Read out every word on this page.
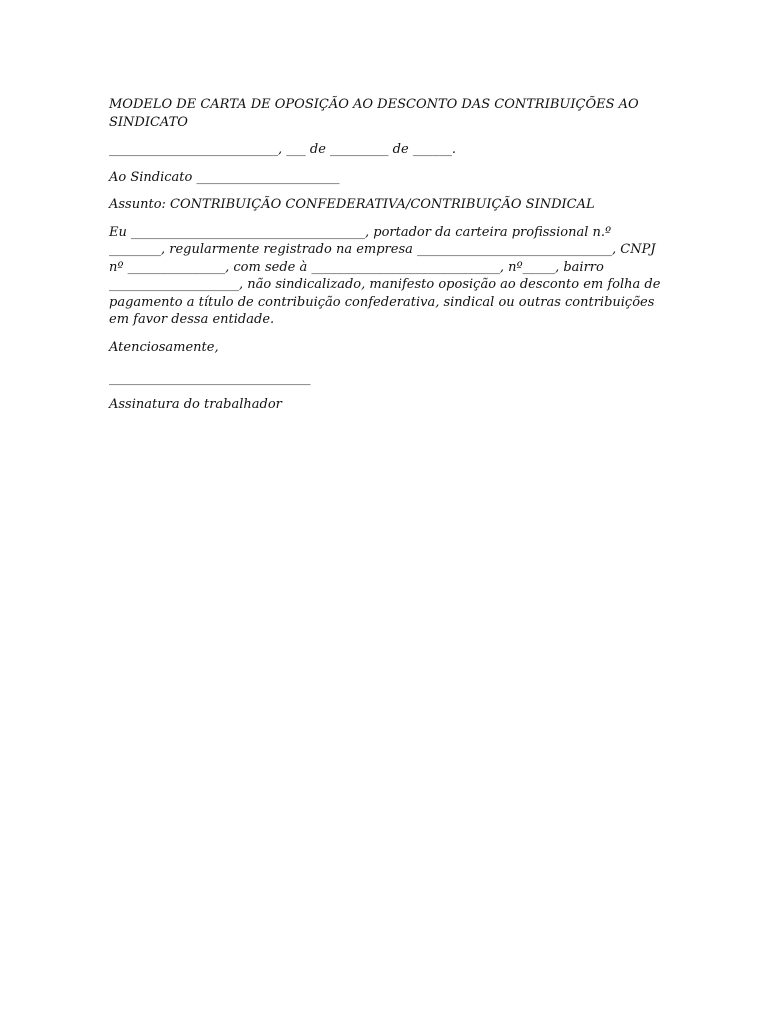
MODELO DE CARTA DE OPOSIÇÃO AO DESCONTO DAS CONTRIBUIÇÕES AO SINDICATO

__________________________, ___ de _________ de ______.

Ao Sindicato ______________________

Assunto: CONTRIBUIÇÃO CONFEDERATIVA/CONTRIBUIÇÃO SINDICAL

Eu ____________________________________, portador da carteira profissional n.º ________, regularmente registrado na empresa ______________________________, CNPJ nº _______________, com sede à _____________________________, nº_____, bairro ____________________, não sindicalizado, manifesto oposição ao desconto em folha de pagamento a título de contribuição confederativa, sindical ou outras contribuições em favor dessa entidade.

Atenciosamente,

_______________________________

Assinatura do trabalhador
